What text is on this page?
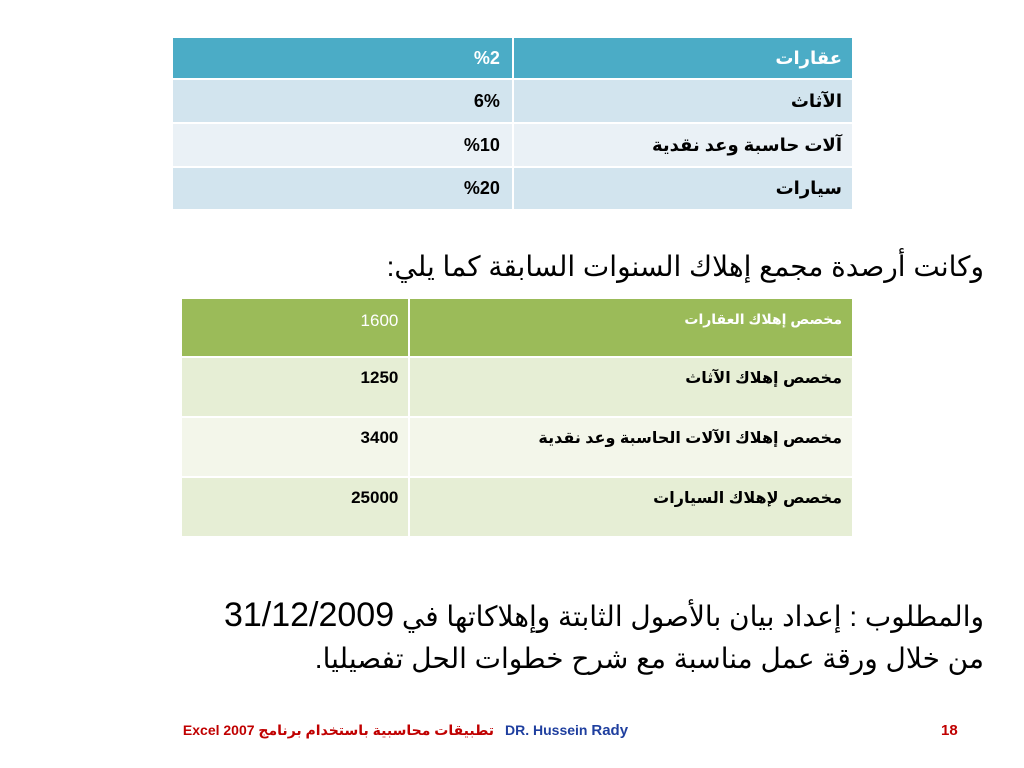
%2	عقارات
6%	الآثاث
%10	آلات حاسبة وعد نقدية
%20	سيارات
وكانت أرصدة مجمع إهلاك السنوات السابقة كما يلي:
1600	مخصص إهلاك العقارات
1250	مخصص إهلاك الآثاث
3400	مخصص إهلاك الآلات الحاسبة وعد نقدية
25000	مخصص لإهلاك السيارات
والمطلوب : إعداد بيان بالأصول الثابتة وإهلاكاتها في 31/12/2009
من خلال ورقة عمل مناسبة مع شرح خطوات الحل تفصيليا.
تطبيقات محاسبية باستخدام برنامج Excel 2007 DR. Hussein Rady	18
